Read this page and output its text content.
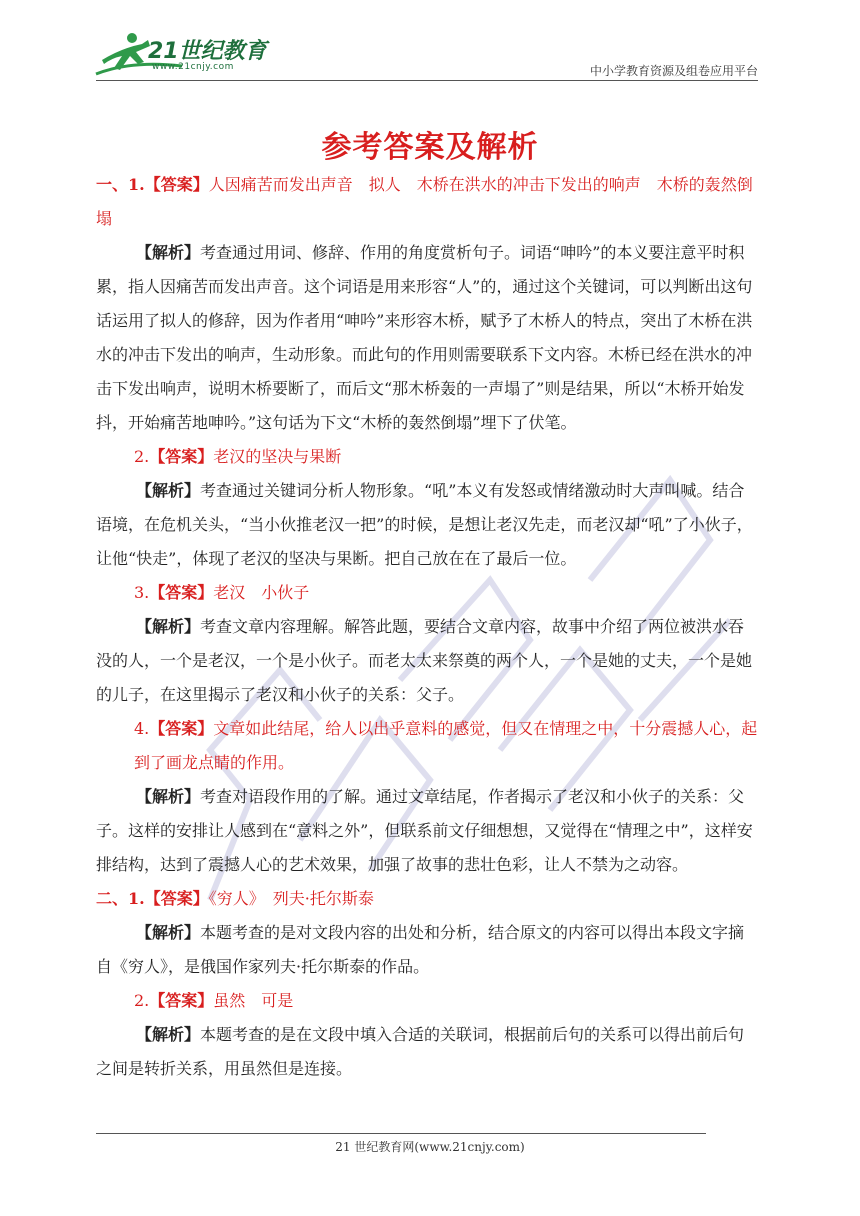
21世纪教育
www.21cnjy.com	中小学教育资源及组卷应用平台
参考答案及解析

一、1.【答案】人因痛苦而发出声音　拟人　木桥在洪水的冲击下发出的响声　木桥的轰然倒塌

【解析】考查通过用词、修辞、作用的角度赏析句子。词语“呻吟”的本义要注意平时积累，指人因痛苦而发出声音。这个词语是用来形容“人”的，通过这个关键词，可以判断出这句话运用了拟人的修辞，因为作者用“呻吟”来形容木桥，赋予了木桥人的特点，突出了木桥在洪水的冲击下发出的响声，生动形象。而此句的作用则需要联系下文内容。木桥已经在洪水的冲击下发出响声，说明木桥要断了，而后文“那木桥轰的一声塌了”则是结果，所以“木桥开始发抖，开始痛苦地呻吟。”这句话为下文“木桥的轰然倒塌”埋下了伏笔。

2.【答案】老汉的坚决与果断

【解析】考查通过关键词分析人物形象。“吼”本义有发怒或情绪激动时大声叫喊。结合语境，在危机关头，“当小伙推老汉一把”的时候，是想让老汉先走，而老汉却“吼”了小伙子，让他“快走”，体现了老汉的坚决与果断。把自己放在在了最后一位。

3.【答案】老汉　小伙子

【解析】考查文章内容理解。解答此题，要结合文章内容，故事中介绍了两位被洪水吞没的人，一个是老汉，一个是小伙子。而老太太来祭奠的两个人，一个是她的丈夫，一个是她的儿子，在这里揭示了老汉和小伙子的关系：父子。

4.【答案】文章如此结尾，给人以出乎意料的感觉，但又在情理之中，十分震撼人心，起到了画龙点睛的作用。

【解析】考查对语段作用的了解。通过文章结尾，作者揭示了老汉和小伙子的关系：父子。这样的安排让人感到在“意料之外”，但联系前文仔细想想，又觉得在“情理之中”，这样安排结构，达到了震撼人心的艺术效果，加强了故事的悲壮色彩，让人不禁为之动容。

二、1.【答案】《穷人》　列夫·托尔斯泰

【解析】本题考查的是对文段内容的出处和分析，结合原文的内容可以得出本段文字摘自《穷人》，是俄国作家列夫·托尔斯泰的作品。

2.【答案】虽然　可是

【解析】本题考查的是在文段中填入合适的关联词，根据前后句的关系可以得出前后句之间是转折关系，用虽然但是连接。

21 世纪教育网(www.21cnjy.com)
